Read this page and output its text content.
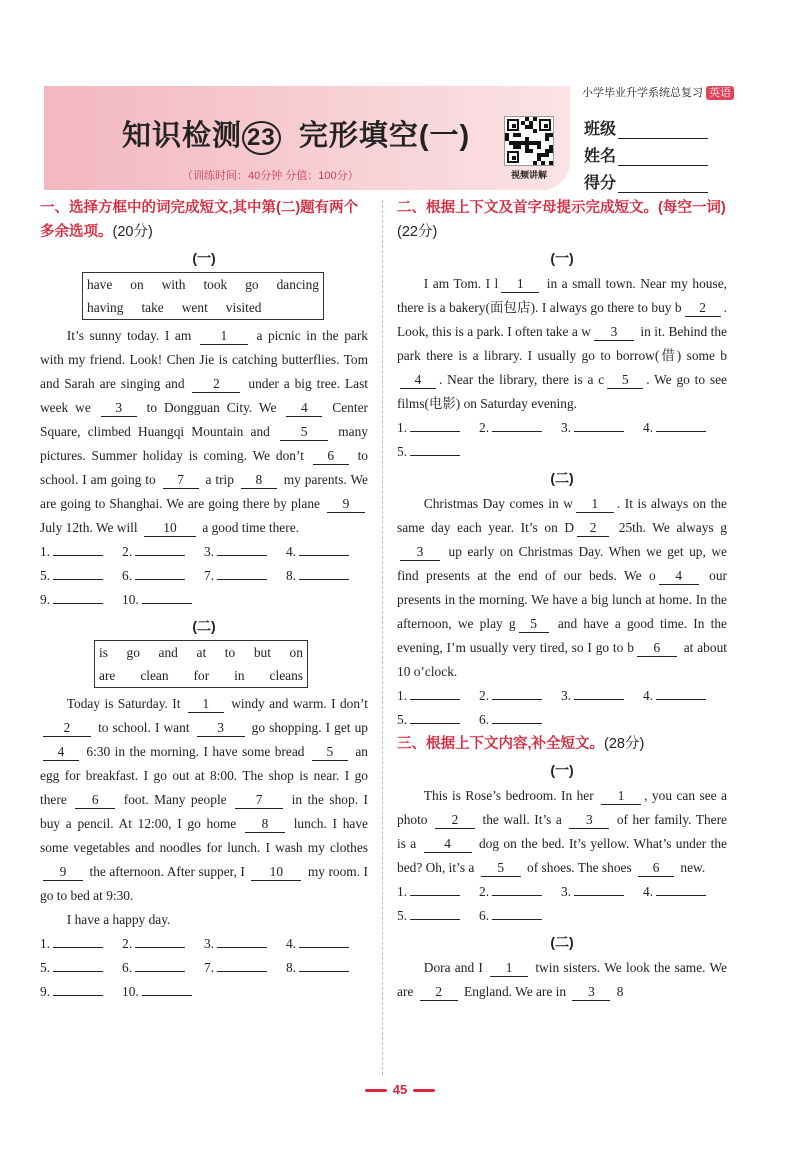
小学毕业升学系统总复习 英语
知识检测 23 完形填空(一)
（训练时间：40分钟 分值：100分）	视频讲解
班级
姓名
得分
一、选择方框中的词完成短文,其中第(二)题有两个多余选项。(20分)
(一)
have on with took go dancing
having take went visited
It’s sunny today. I am 1 a picnic in the park with my friend. Look! Chen Jie is catching butterflies. Tom and Sarah are singing and 2 under a big tree. Last week we 3 to Dongguan City. We 4 Center Square, climbed Huangqi Mountain and 5 many pictures. Summer holiday is coming. We don’t 6 to school. I am going to 7 a trip 8 my parents. We are going to Shanghai. We are going there by plane 9 July 12th. We will 10 a good time there.
1.	2.	3.	4.
5.	6.	7.	8.
9.	10.
(二)
is go and at to but on
are clean for in cleans
Today is Saturday. It 1 windy and warm. I don’t 2 to school. I want 3 go shopping. I get up 4 6:30 in the morning. I have some bread 5 an egg for breakfast. I go out at 8:00. The shop is near. I go there 6 foot. Many people 7 in the shop. I buy a pencil. At 12:00, I go home 8 lunch. I have some vegetables and noodles for lunch. I wash my clothes 9 the afternoon. After supper, I 10 my room. I go to bed at 9:30.
I have a happy day.
1.	2.	3.	4.
5.	6.	7.	8.
9.	10.
二、根据上下文及首字母提示完成短文。(每空一词)(22分)
(一)
I am Tom. I l 1 in a small town. Near my house, there is a bakery(面包店). I always go there to buy b 2 . Look, this is a park. I often take a w 3 in it. Behind the park there is a library. I usually go to borrow(借) some b4 . Near the library, there is a c 5 . We go to see films(电影) on Saturday evening.
1.	2.	3.	4.
5.
(二)
Christmas Day comes in w 1 . It is always on the same day each year. It’s on D 2 25th. We always g3 up early on Christmas Day. When we get up, we find presents at the end of our beds. We o 4 our presents in the morning. We have a big lunch at home. In the afternoon, we play g 5 and have a good time. In the evening, I’m usually very tired, so I go to b 6 at about 10 o’clock.
1.	2.	3.	4.
5.	6.
三、根据上下文内容,补全短文。(28分)
(一)
This is Rose’s bedroom. In her 1 , you can see a photo 2 the wall. It’s a 3 of her family. There is a 4 dog on the bed. It’s yellow. What’s under the bed? Oh, it’s a 5 of shoes. The shoes 6 new.
1.	2.	3.	4.
5.	6.
(二)
Dora and I 1 twin sisters. We look the same. We are 2 England. We are in 3 8
45
